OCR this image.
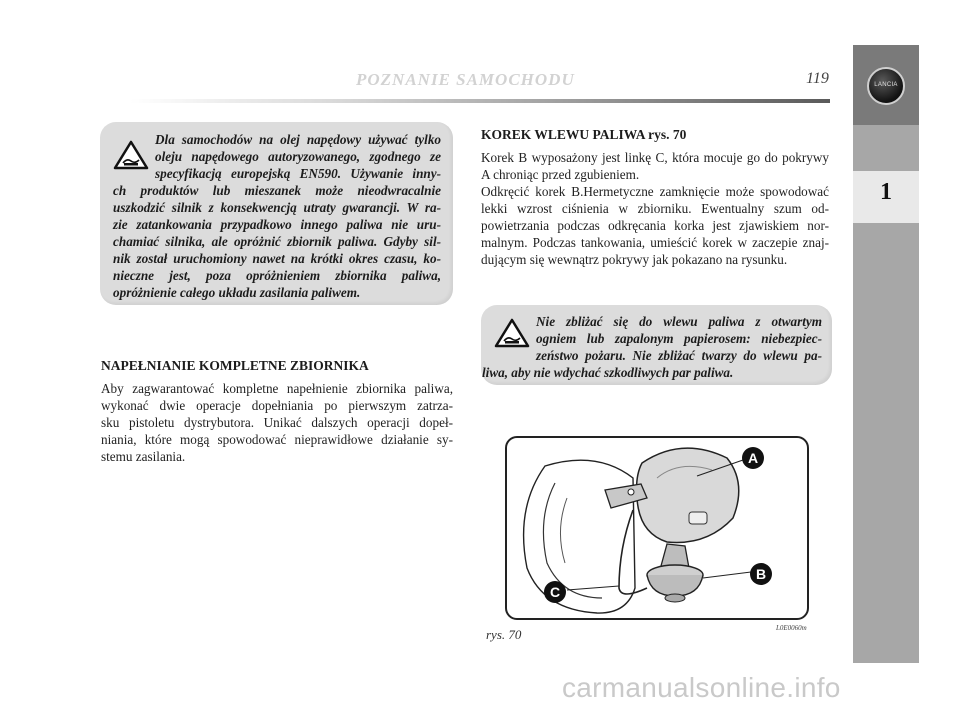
POZNANIE SAMOCHODU	119	LANCIA
1
Dla samochodów na olej napędowy używać tylko
oleju napędowego autoryzowanego, zgodnego ze
specyfikacją europejską EN590. Używanie inny-
ch produktów lub mieszanek może nieodwracalnie
uszkodzić silnik z konsekwencją utraty gwarancji. W ra-
zie zatankowania przypadkowo innego paliwa nie uru-
chamiać silnika, ale opróżnić zbiornik paliwa. Gdyby sil-
nik został uruchomiony nawet na krótki okres czasu, ko-
nieczne jest, poza opróżnieniem zbiornika paliwa,
opróżnienie całego układu zasilania paliwem.
NAPEŁNIANIE KOMPLETNE ZBIORNIKA
Aby zagwarantować kompletne napełnienie zbiornika paliwa,
wykonać dwie operacje dopełniania po pierwszym zatrza-
sku pistoletu dystrybutora. Unikać dalszych operacji dopeł-
niania, które mogą spowodować nieprawidłowe działanie sy-
stemu zasilania.
KOREK WLEWU PALIWA rys. 70
Korek B wyposażony jest linkę C, która mocuje go do pokrywy
A chroniąc przed zgubieniem.
Odkręcić korek B.Hermetyczne zamknięcie może spowodować
lekki wzrost ciśnienia w zbiorniku. Ewentualny szum od-
powietrzania podczas odkręcania korka jest zjawiskiem nor-
malnym. Podczas tankowania, umieścić korek w zaczepie znaj-
dującym się wewnątrz pokrywy jak pokazano na rysunku.
Nie zbliżać się do wlewu paliwa z otwartym
ogniem lub zapalonym papierosem: niebezpiec-
zeństwo pożaru. Nie zbliżać twarzy do wlewu pa-
liwa, aby nie wdychać szkodliwych par paliwa.
A
B
C
rys. 70	L0E0060m
carmanualsonline.info
